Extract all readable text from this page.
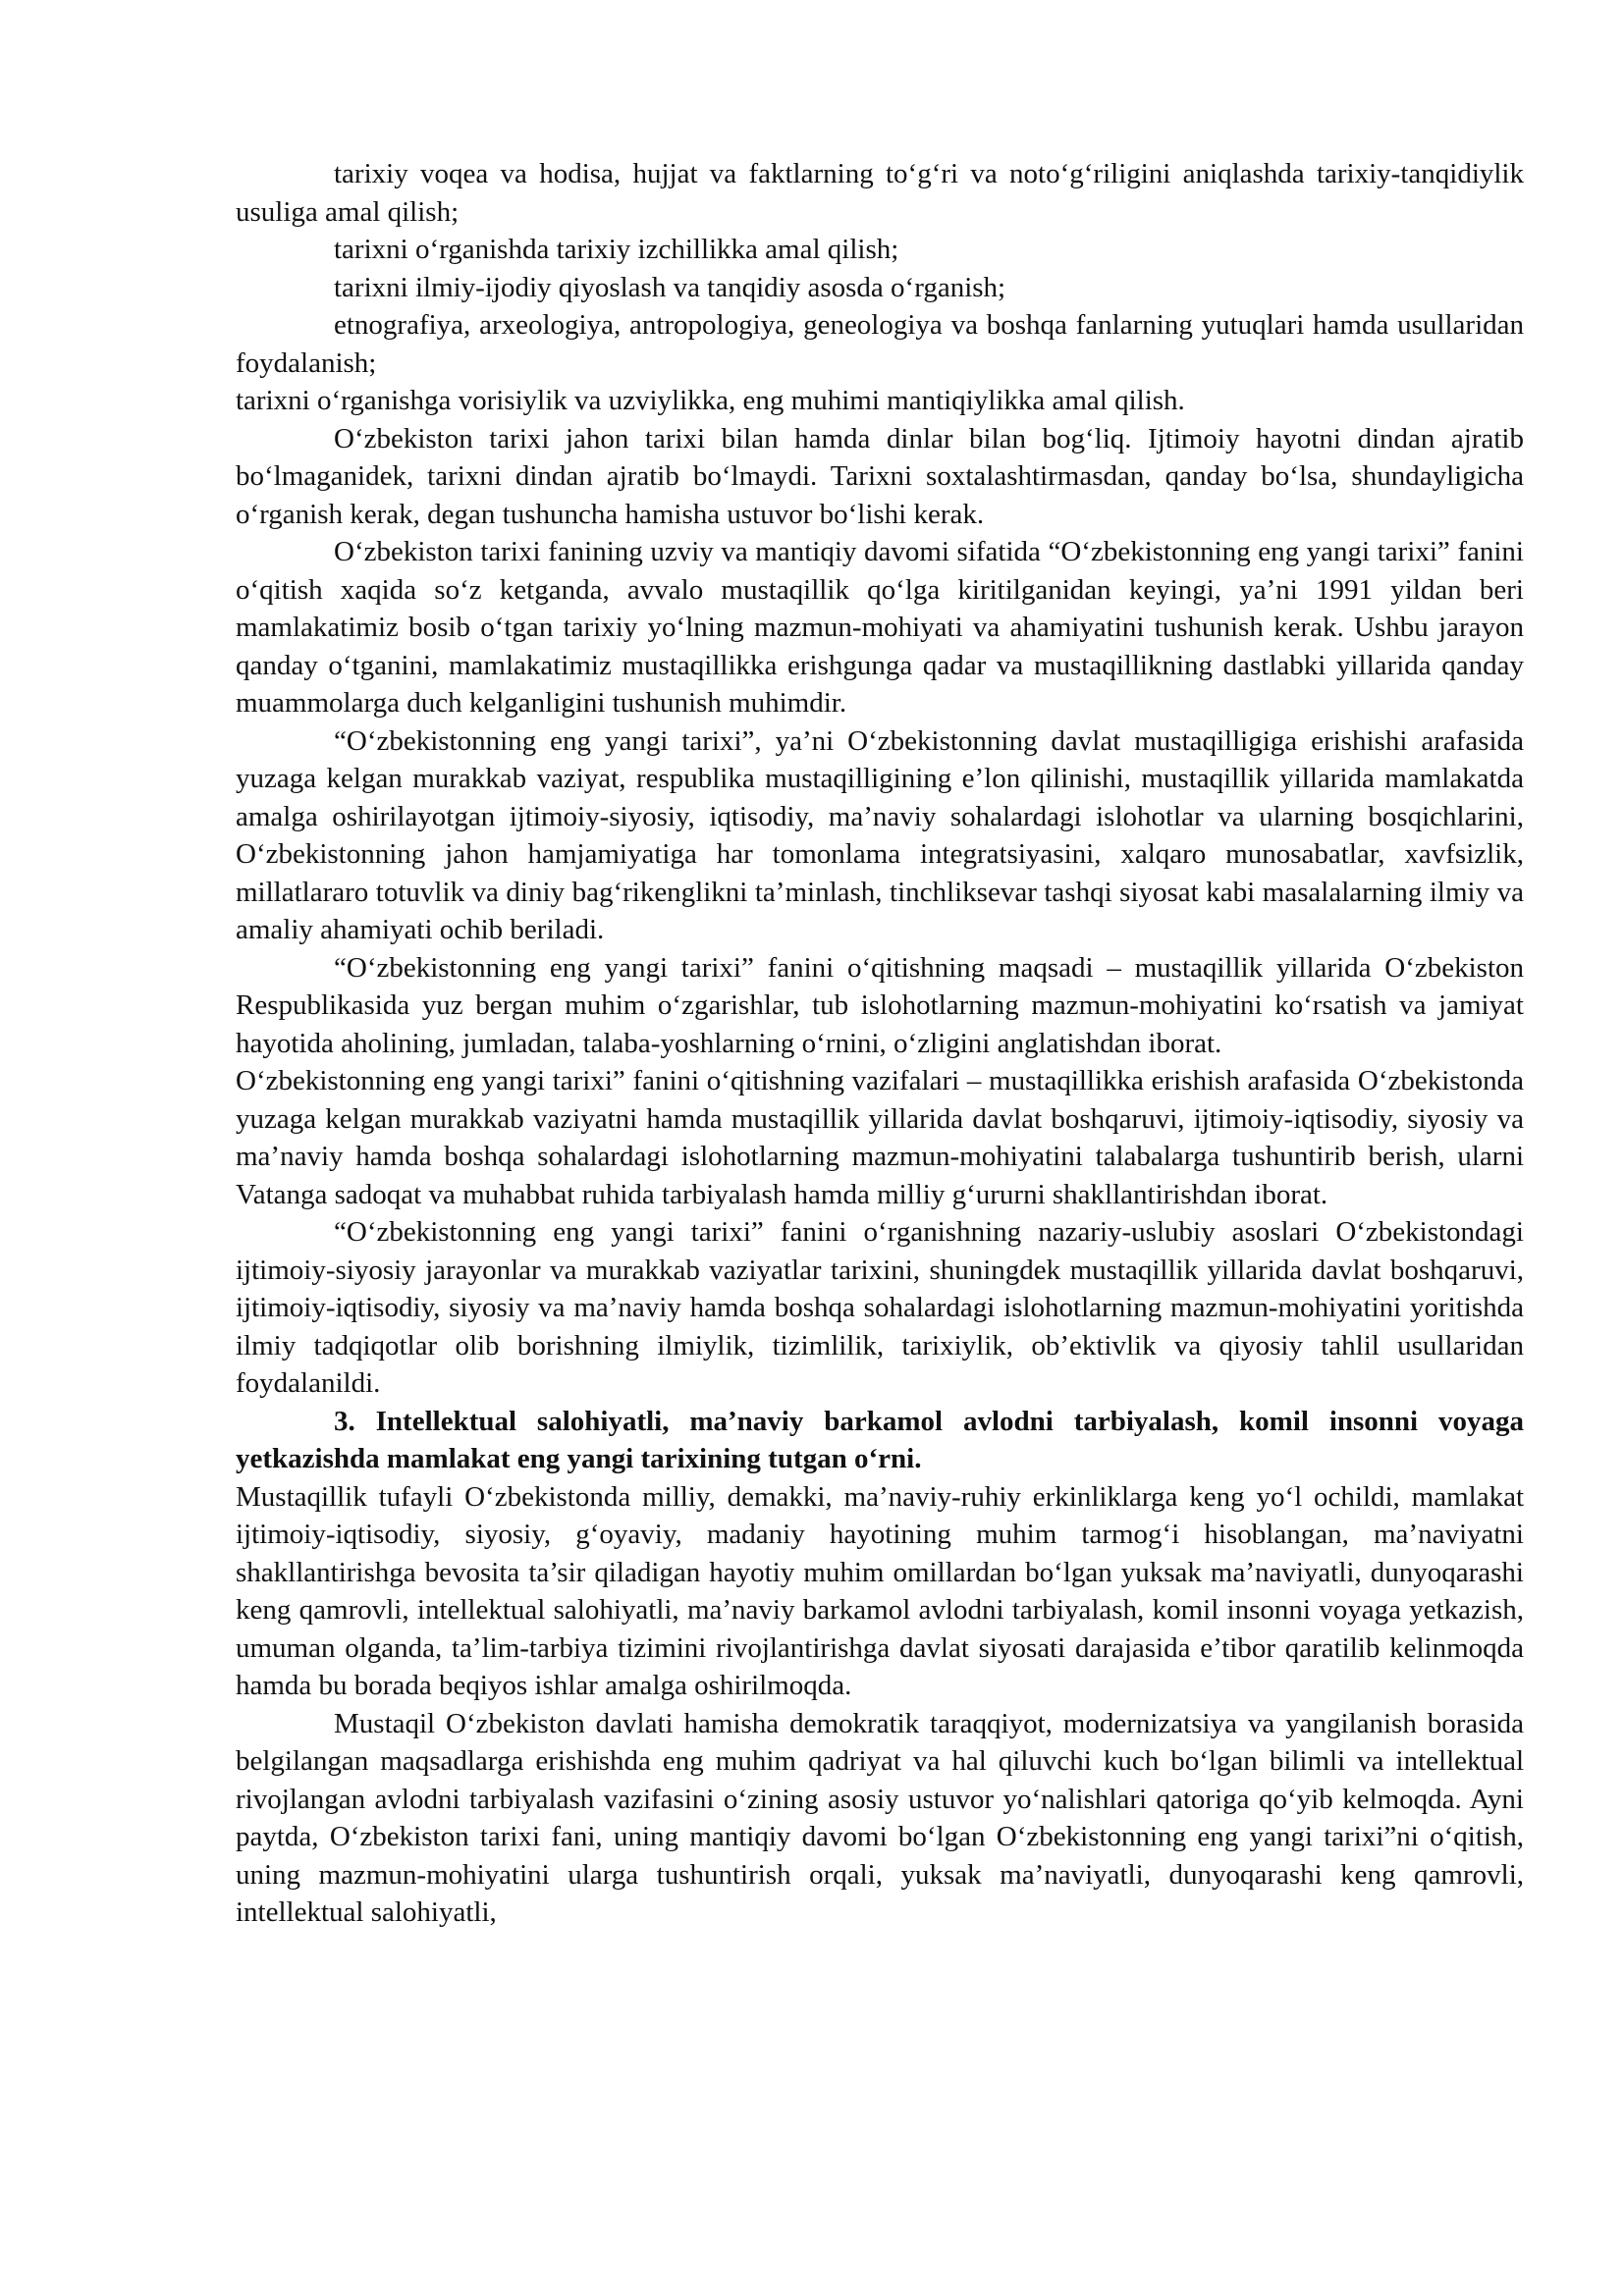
tarixiy voqea va hodisa, hujjat va faktlarning to‘g‘ri va noto‘g‘riligini aniqlashda tarixiy-tanqidiylik usuliga amal qilish;

tarixni o‘rganishda tarixiy izchillikka amal qilish;

tarixni ilmiy-ijodiy qiyoslash va tanqidiy asosda o‘rganish;

etnografiya, arxeologiya, antropologiya, geneologiya va boshqa fanlarning yutuqlari hamda usullaridan foydalanish;

tarixni o‘rganishga vorisiylik va uzviylikka, eng muhimi mantiqiylikka amal qilish.

O‘zbekiston tarixi jahon tarixi bilan hamda dinlar bilan bog‘liq. Ijtimoiy hayotni dindan ajratib bo‘lmaganidek, tarixni dindan ajratib bo‘lmaydi. Tarixni soxtalashtirmasdan, qanday bo‘lsa, shundayligicha o‘rganish kerak, degan tushuncha hamisha ustuvor bo‘lishi kerak.

O‘zbekiston tarixi fanining uzviy va mantiqiy davomi sifatida “O‘zbekistonning eng yangi tarixi” fanini o‘qitish xaqida so‘z ketganda, avvalo mustaqillik qo‘lga kiritilganidan keyingi, ya’ni 1991 yildan beri mamlakatimiz bosib o‘tgan tarixiy yo‘lning mazmun-mohiyati va ahamiyatini tushunish kerak. Ushbu jarayon qanday o‘tganini, mamlakatimiz mustaqillikka erishgunga qadar va mustaqillikning dastlabki yillarida qanday muammolarga duch kelganligini tushunish muhimdir.

“O‘zbekistonning eng yangi tarixi”, ya’ni O‘zbekistonning davlat mustaqilligiga erishishi arafasida yuzaga kelgan murakkab vaziyat, respublika mustaqilligining e’lon qilinishi, mustaqillik yillarida mamlakatda amalga oshirilayotgan ijtimoiy-siyosiy, iqtisodiy, ma’naviy sohalardagi islohotlar va ularning bosqichlarini, O‘zbekistonning jahon hamjamiyatiga har tomonlama integratsiyasini, xalqaro munosabatlar, xavfsizlik, millatlararo totuvlik va diniy bag‘rikenglikni ta’minlash, tinchliksevar tashqi siyosat kabi masalalarning ilmiy va amaliy ahamiyati ochib beriladi.

“O‘zbekistonning eng yangi tarixi” fanini o‘qitishning maqsadi – mustaqillik yillarida O‘zbekiston Respublikasida yuz bergan muhim o‘zgarishlar, tub islohotlarning mazmun-mohiyatini ko‘rsatish va jamiyat hayotida aholining, jumladan, talaba-yoshlarning o‘rnini, o‘zligini anglatishdan iborat.

O‘zbekistonning eng yangi tarixi” fanini o‘qitishning vazifalari – mustaqillikka erishish arafasida O‘zbekistonda yuzaga kelgan murakkab vaziyatni hamda mustaqillik yillarida davlat boshqaruvi, ijtimoiy-iqtisodiy, siyosiy va ma’naviy hamda boshqa sohalardagi islohotlarning mazmun-mohiyatini talabalarga tushuntirib berish, ularni Vatanga sadoqat va muhabbat ruhida tarbiyalash hamda milliy g‘ururni shakllantirishdan iborat.

“O‘zbekistonning eng yangi tarixi” fanini o‘rganishning nazariy-uslubiy asoslari O‘zbekistondagi ijtimoiy-siyosiy jarayonlar va murakkab vaziyatlar tarixini, shuningdek mustaqillik yillarida davlat boshqaruvi, ijtimoiy-iqtisodiy, siyosiy va ma’naviy hamda boshqa sohalardagi islohotlarning mazmun-mohiyatini yoritishda ilmiy tadqiqotlar olib borishning ilmiylik, tizimlilik, tarixiylik, ob’ektivlik va qiyosiy tahlil usullaridan foydalanildi.

3. Intellektual salohiyatli, ma’naviy barkamol avlodni tarbiyalash, komil insonni voyaga yetkazishda mamlakat eng yangi tarixining tutgan o‘rni.

Mustaqillik tufayli O‘zbekistonda milliy, demakki, ma’naviy-ruhiy erkinliklarga keng yo‘l ochildi, mamlakat ijtimoiy-iqtisodiy, siyosiy, g‘oyaviy, madaniy hayotining muhim tarmog‘i hisoblangan, ma’naviyatni shakllantirishga bevosita ta’sir qiladigan hayotiy muhim omillardan bo‘lgan yuksak ma’naviyatli, dunyoqarashi keng qamrovli, intellektual salohiyatli, ma’naviy barkamol avlodni tarbiyalash, komil insonni voyaga yetkazish, umuman olganda, ta’lim-tarbiya tizimini rivojlantirishga davlat siyosati darajasida e’tibor qaratilib kelinmoqda hamda bu borada beqiyos ishlar amalga oshirilmoqda.

Mustaqil O‘zbekiston davlati hamisha demokratik taraqqiyot, modernizatsiya va yangilanish borasida belgilangan maqsadlarga erishishda eng muhim qadriyat va hal qiluvchi kuch bo‘lgan bilimli va intellektual rivojlangan avlodni tarbiyalash vazifasini o‘zining asosiy ustuvor yo‘nalishlari qatoriga qo‘yib kelmoqda. Ayni paytda, O‘zbekiston tarixi fani, uning mantiqiy davomi bo‘lgan O‘zbekistonning eng yangi tarixi”ni o‘qitish, uning mazmun-mohiyatini ularga tushuntirish orqali, yuksak ma’naviyatli, dunyoqarashi keng qamrovli, intellektual salohiyatli,
